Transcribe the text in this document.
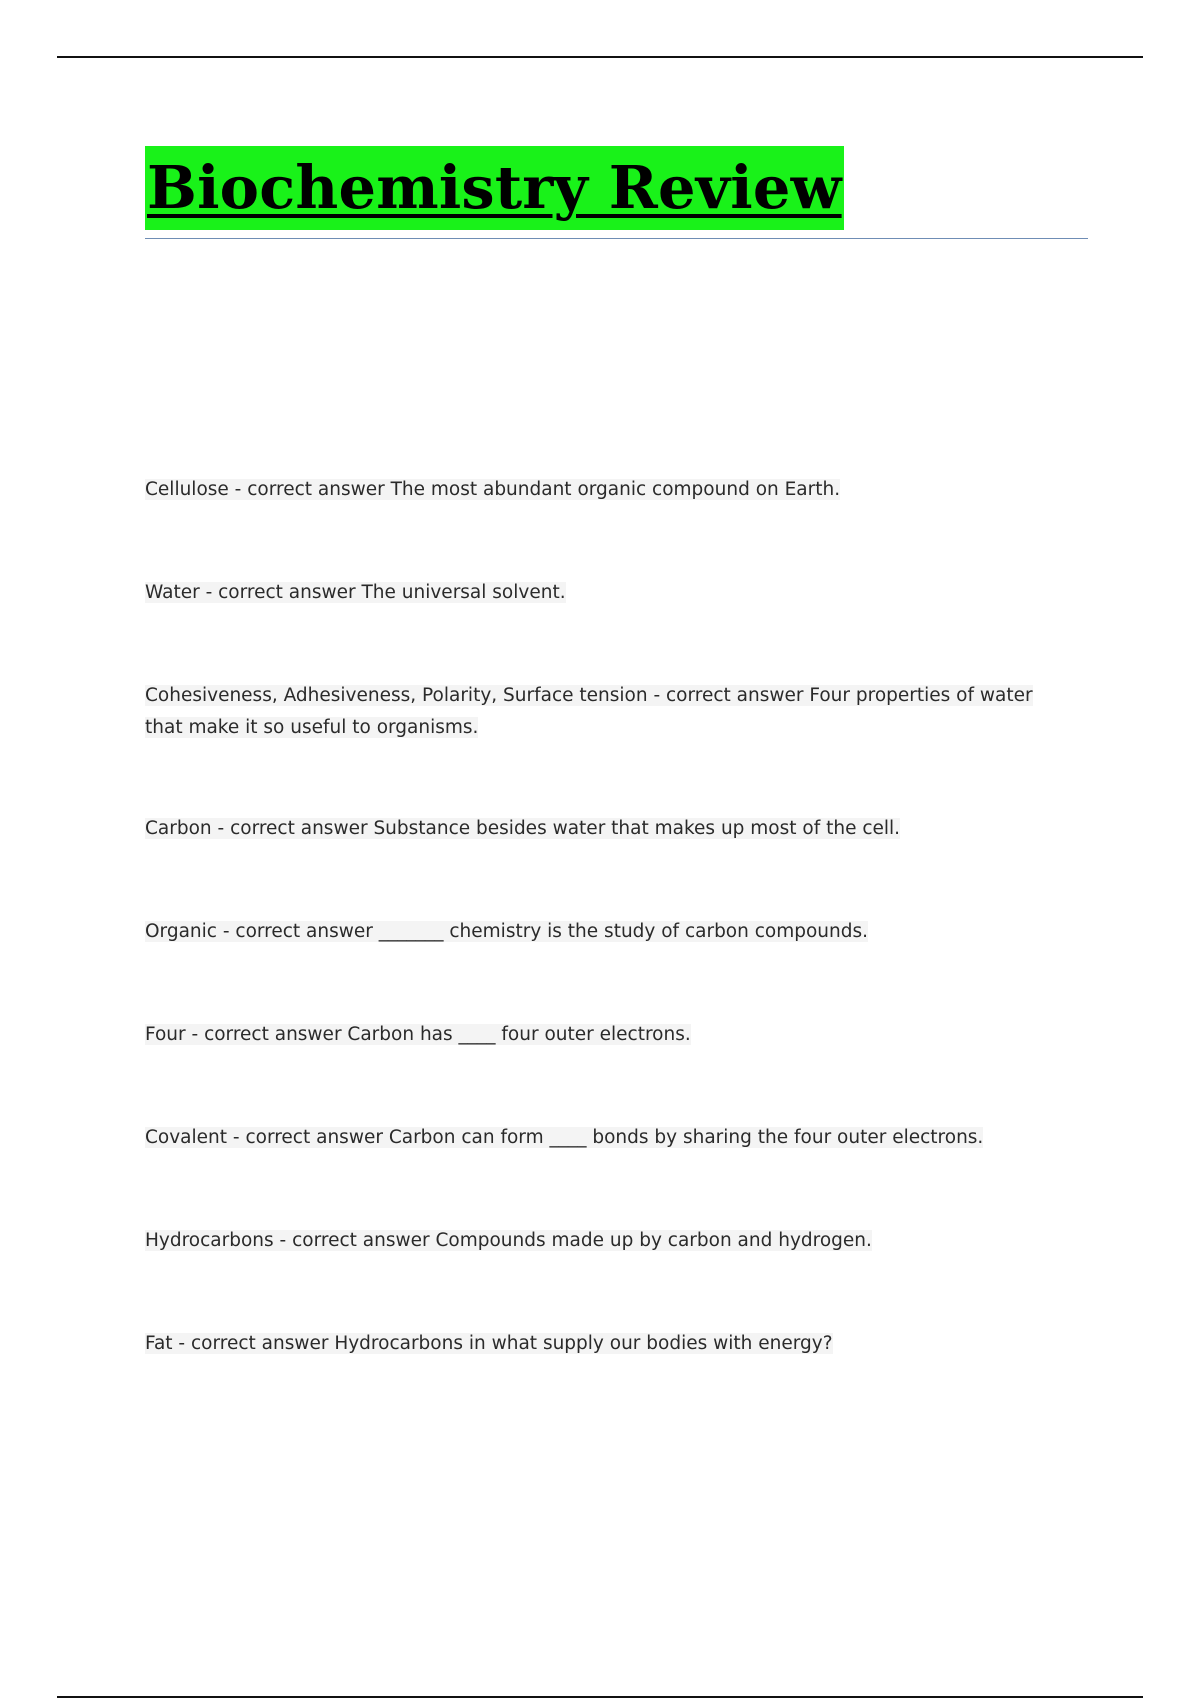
Biochemistry Review
Cellulose - correct answer The most abundant organic compound on Earth.
Water - correct answer The universal solvent.
Cohesiveness, Adhesiveness, Polarity, Surface tension - correct answer Four properties of water that make it so useful to organisms.
Carbon - correct answer Substance besides water that makes up most of the cell.
Organic - correct answer _______ chemistry is the study of carbon compounds.
Four - correct answer Carbon has ____ four outer electrons.
Covalent - correct answer Carbon can form ____ bonds by sharing the four outer electrons.
Hydrocarbons - correct answer Compounds made up by carbon and hydrogen.
Fat - correct answer Hydrocarbons in what supply our bodies with energy?
